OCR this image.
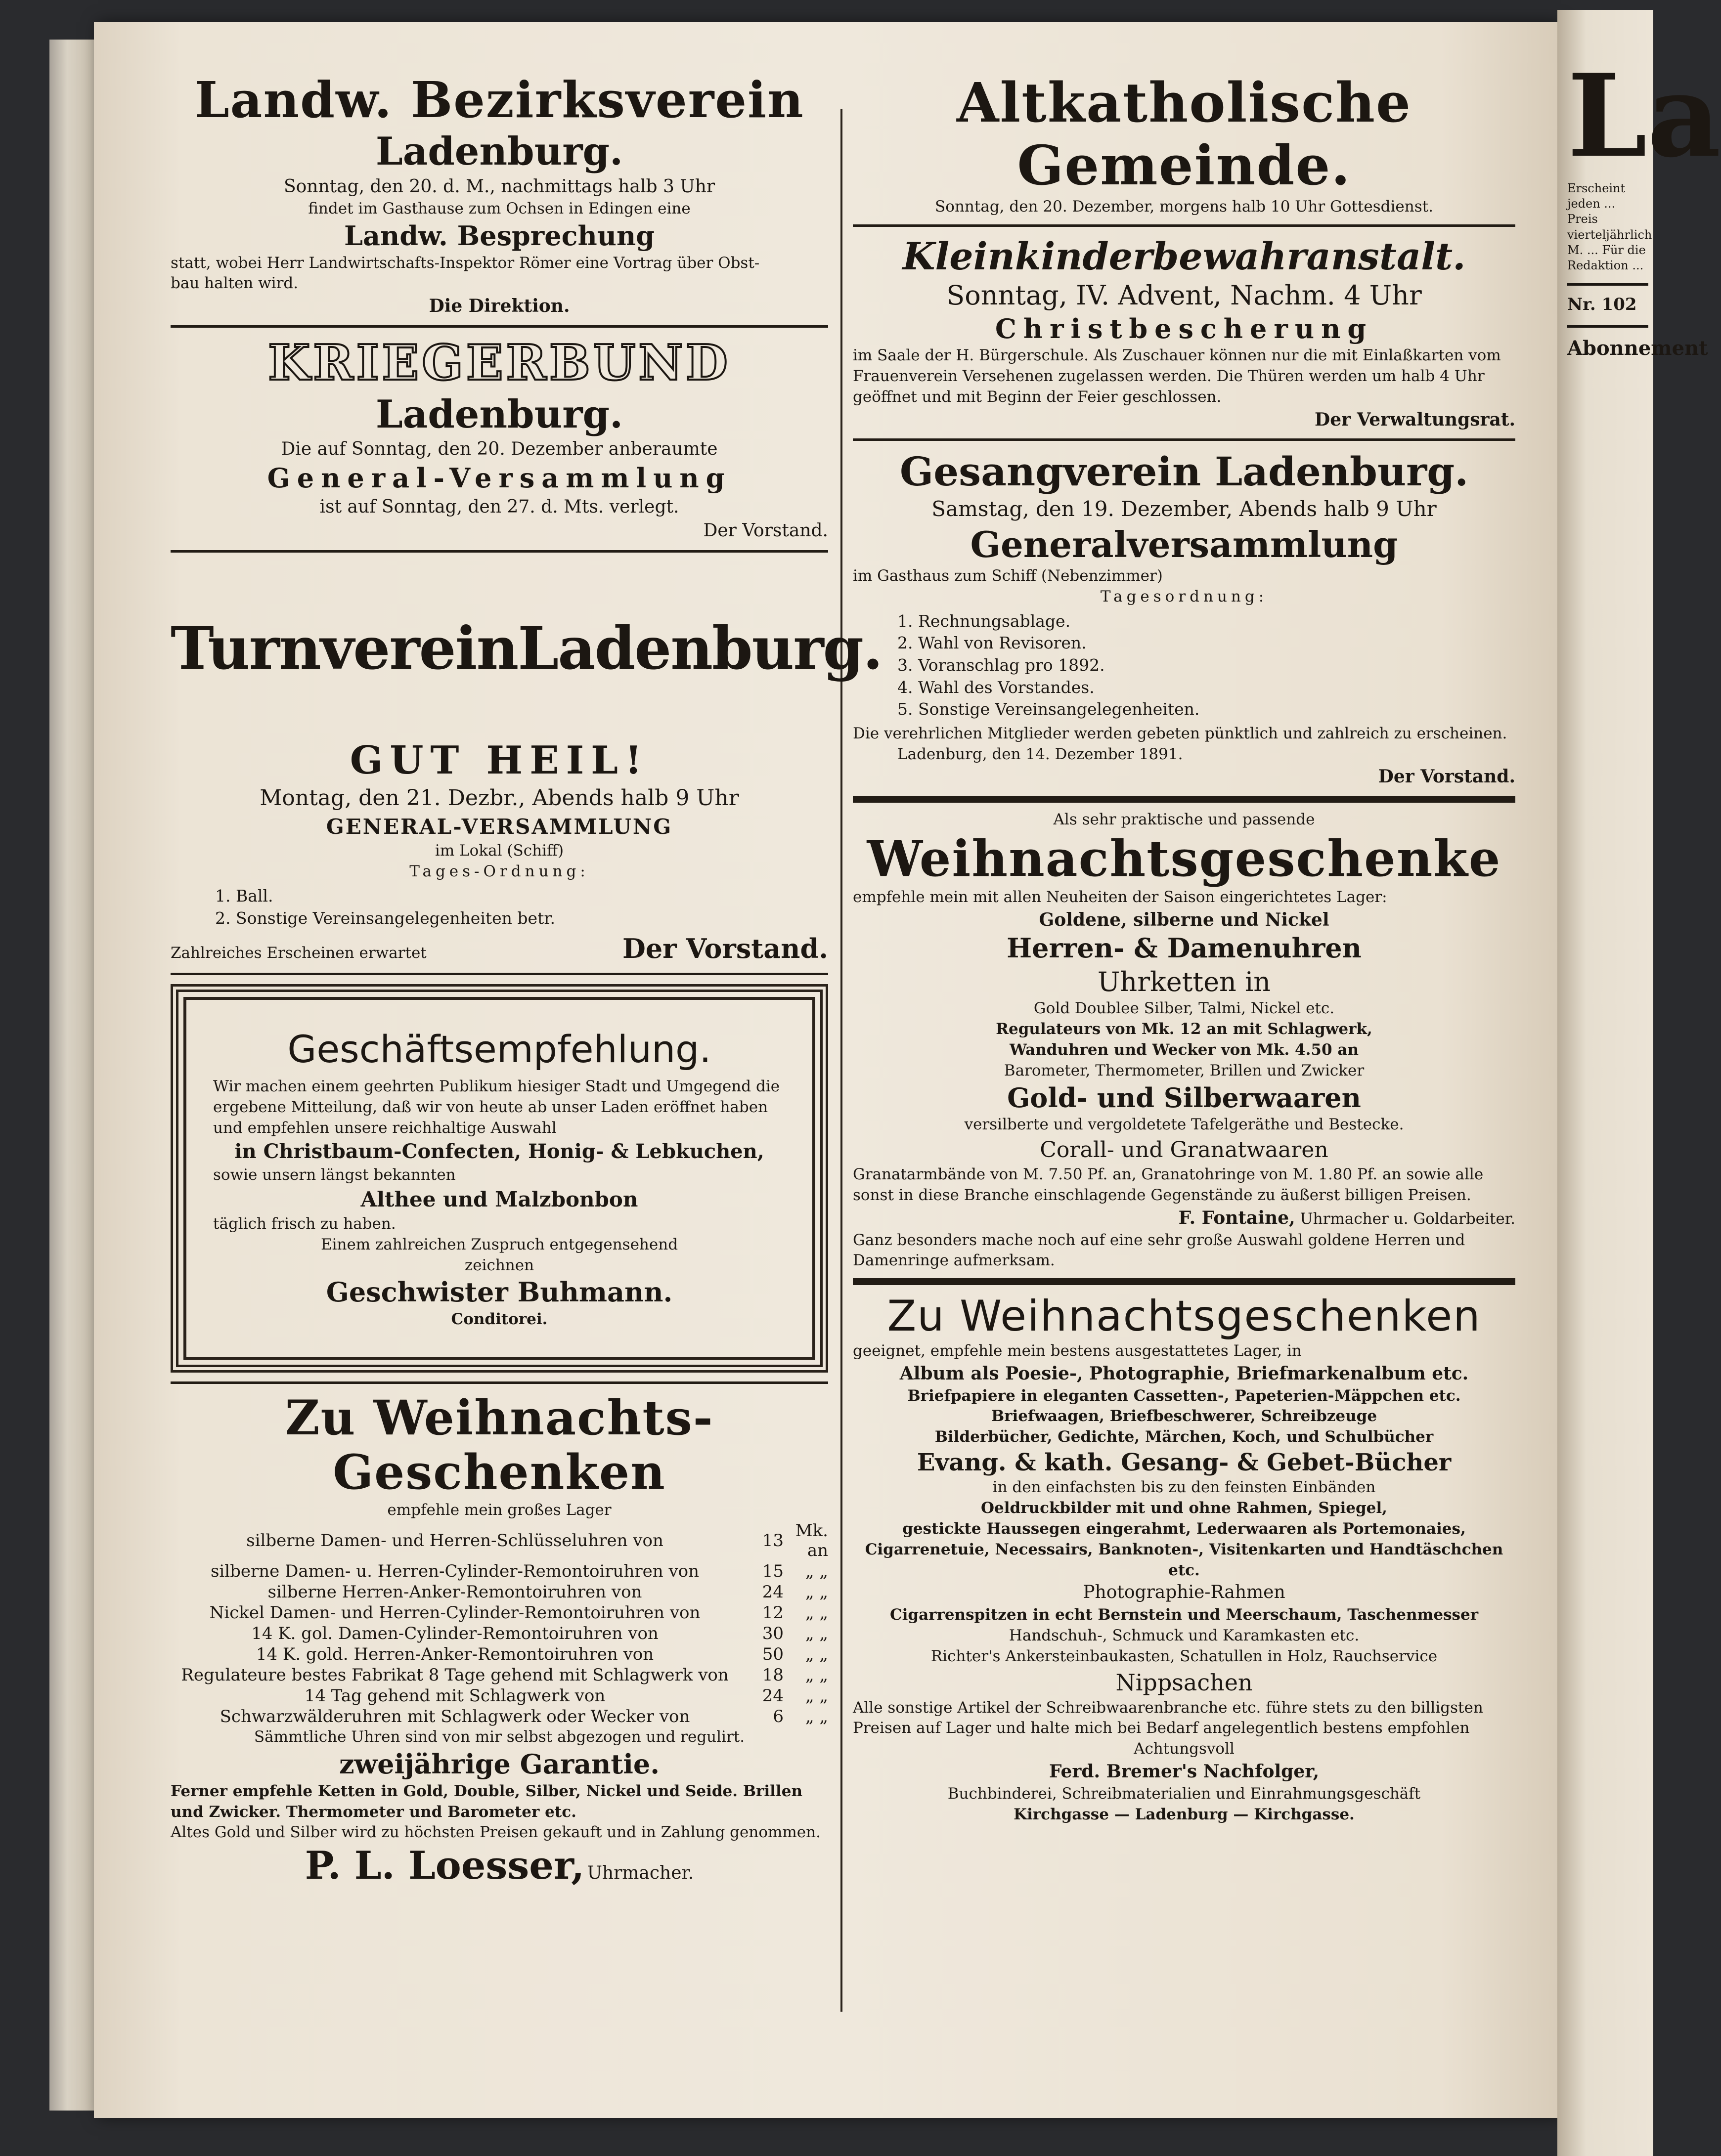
Landw. Bezirksverein
Ladenburg.
Sonntag, den 20. d. M., nachmittags halb 3 Uhr
findet im Gasthause zum Ochsen in Edingen eine
Landw. Besprechung
statt, wobei Herr Landwirtschafts-Inspektor Römer eine Vortrag über Obst-
bau halten wird.
Die Direktion.
KRIEGERBUND
Ladenburg.
Die auf Sonntag, den 20. Dezember anberaumte
General-Versammlung
ist auf Sonntag, den 27. d. Mts. verlegt.
Der Vorstand.
Turnverein Ladenburg.
GUT HEIL!
Montag, den 21. Dezbr., Abends halb 9 Uhr
GENERAL-VERSAMMLUNG
im Lokal (Schiff)
Tages-Ordnung:
1. Ball.
2. Sonstige Vereinsangelegenheiten betr.
Zahlreiches Erscheinen erwartet	Der Vorstand.
Geschäftsempfehlung.
Wir machen einem geehrten Publikum hiesiger Stadt und Umgegend die ergebene Mitteilung, daß wir von heute ab unser Laden eröffnet haben und empfehlen unsere reichhaltige Auswahl
in Christbaum-Confecten, Honig- & Lebkuchen,
sowie unsern längst bekannten
Althee und Malzbonbon
täglich frisch zu haben.
Einem zahlreichen Zuspruch entgegensehend
zeichnen
Geschwister Buhmann.
Conditorei.
Zu Weihnachts-Geschenken
empfehle mein großes Lager
silberne Damen- und Herren-Schlüsseluhren von	13	Mk. an
silberne Damen- u. Herren-Cylinder-Remontoiruhren von	15	„ „
silberne Herren-Anker-Remontoiruhren von	24	„ „
Nickel Damen- und Herren-Cylinder-Remontoiruhren von	12	„ „
14 K. gol. Damen-Cylinder-Remontoiruhren von	30	„ „
14 K. gold. Herren-Anker-Remontoiruhren von	50	„ „
Regulateure bestes Fabrikat 8 Tage gehend mit Schlagwerk von	18	„ „
14 Tag gehend mit Schlagwerk von	24	„ „
Schwarzwälderuhren mit Schlagwerk oder Wecker von	6	„ „
Sämmtliche Uhren sind von mir selbst abgezogen und regulirt.
zweijährige Garantie.
Ferner empfehle Ketten in Gold, Double, Silber, Nickel und Seide. Brillen und Zwicker. Thermometer und Barometer etc.
Altes Gold und Silber wird zu höchsten Preisen gekauft und in Zahlung genommen.
P. L. Loesser, Uhrmacher.
Altkatholische Gemeinde.
Sonntag, den 20. Dezember, morgens halb 10 Uhr Gottesdienst.
Kleinkinderbewahranstalt.
Sonntag, IV. Advent, Nachm. 4 Uhr
Christbescherung
im Saale der H. Bürgerschule. Als Zuschauer können nur die mit Einlaßkarten vom Frauenverein Versehenen zugelassen werden. Die Thüren werden um halb 4 Uhr geöffnet und mit Beginn der Feier geschlossen.
Der Verwaltungsrat.
Gesangverein Ladenburg.
Samstag, den 19. Dezember, Abends halb 9 Uhr
Generalversammlung
im Gasthaus zum Schiff (Nebenzimmer)
Tagesordnung:
1. Rechnungsablage.
2. Wahl von Revisoren.
3. Voranschlag pro 1892.
4. Wahl des Vorstandes.
5. Sonstige Vereinsangelegenheiten.
Die verehrlichen Mitglieder werden gebeten pünktlich und zahlreich zu erscheinen.
Ladenburg, den 14. Dezember 1891.
Der Vorstand.
Als sehr praktische und passende
Weihnachtsgeschenke
empfehle mein mit allen Neuheiten der Saison eingerichtetes Lager:
Goldene, silberne und Nickel
Herren- & Damenuhren
Uhrketten in
Gold Doublee Silber, Talmi, Nickel etc.
Regulateurs von Mk. 12 an mit Schlagwerk,
Wanduhren und Wecker von Mk. 4.50 an
Barometer, Thermometer, Brillen und Zwicker
Gold- und Silberwaaren
versilberte und vergoldetete Tafelgeräthe und Bestecke.
Corall- und Granatwaaren
Granatarmbände von M. 7.50 Pf. an, Granatohringe von M. 1.80 Pf. an sowie alle sonst in diese Branche einschlagende Gegenstände zu äußerst billigen Preisen.
F. Fontaine, Uhrmacher u. Goldarbeiter.
Ganz besonders mache noch auf eine sehr große Auswahl goldene Herren und Damenringe aufmerksam.
Zu Weihnachtsgeschenken
geeignet, empfehle mein bestens ausgestattetes Lager, in
Album als Poesie-, Photographie, Briefmarkenalbum etc.
Briefpapiere in eleganten Cassetten-, Papeterien-Mäppchen etc.
Briefwaagen, Briefbeschwerer, Schreibzeuge
Bilderbücher, Gedichte, Märchen, Koch, und Schulbücher
Evang. & kath. Gesang- & Gebet-Bücher
in den einfachsten bis zu den feinsten Einbänden
Oeldruckbilder mit und ohne Rahmen, Spiegel,
gestickte Haussegen eingerahmt, Lederwaaren als Portemonaies, Cigarrenetuie, Necessairs, Banknoten-, Visitenkarten und Handtäschchen etc.
Photographie-Rahmen
Cigarrenspitzen in echt Bernstein und Meerschaum, Taschenmesser
Handschuh-, Schmuck und Karamkasten etc.
Richter's Ankersteinbaukasten, Schatullen in Holz, Rauchservice
Nippsachen
Alle sonstige Artikel der Schreibwaarenbranche etc. führe stets zu den billigsten Preisen auf Lager und halte mich bei Bedarf angelegentlich bestens empfohlen
Achtungsvoll
Ferd. Bremer's Nachfolger,
Buchbinderei, Schreibmaterialien und Einrahmungsgeschäft
Kirchgasse — Ladenburg — Kirchgasse.
La
Erscheint jeden ... Preis vierteljährlich M. ... Für die Redaktion ...
Nr. 102
Abonnement
